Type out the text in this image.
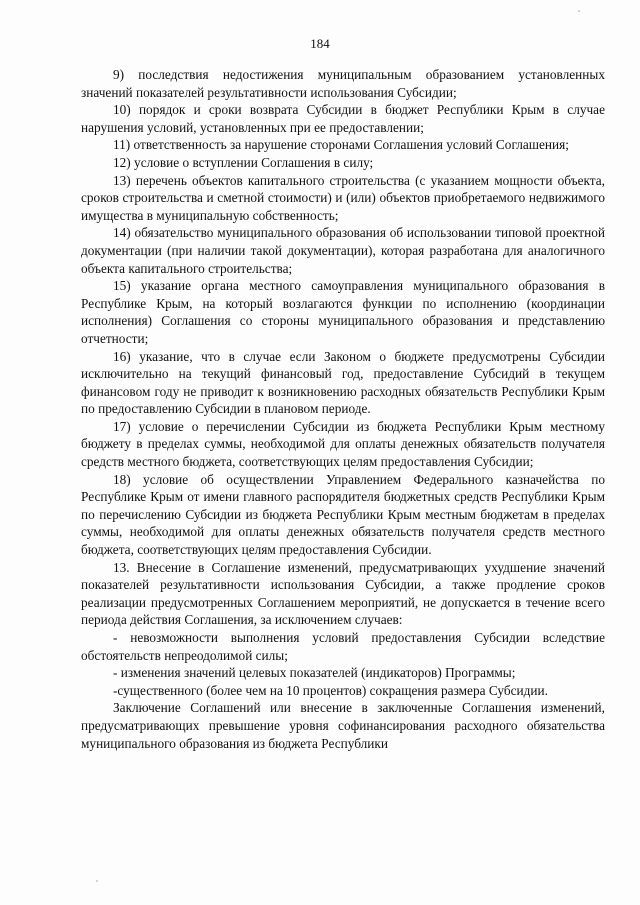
184

9) последствия недостижения муниципальным образованием установленных значений показателей результативности использования Субсидии;

10) порядок и сроки возврата Субсидии в бюджет Республики Крым в случае нарушения условий, установленных при ее предоставлении;

11) ответственность за нарушение сторонами Соглашения условий Соглашения;

12) условие о вступлении Соглашения в силу;

13) перечень объектов капитального строительства (с указанием мощности объекта, сроков строительства и сметной стоимости) и (или) объектов приобретаемого недвижимого имущества в муниципальную собственность;

14) обязательство муниципального образования об использовании типовой проектной документации (при наличии такой документации), которая разработана для аналогичного объекта капитального строительства;

15) указание органа местного самоуправления муниципального образования в Республике Крым, на который возлагаются функции по исполнению (координации исполнения) Соглашения со стороны муниципального образования и представлению отчетности;

16) указание, что в случае если Законом о бюджете предусмотрены Субсидии исключительно на текущий финансовый год, предоставление Субсидий в текущем финансовом году не приводит к возникновению расходных обязательств Республики Крым по предоставлению Субсидии в плановом периоде.

17) условие о перечислении Субсидии из бюджета Республики Крым местному бюджету в пределах суммы, необходимой для оплаты денежных обязательств получателя средств местного бюджета, соответствующих целям предоставления Субсидии;

18) условие об осуществлении Управлением Федерального казначейства по Республике Крым от имени главного распорядителя бюджетных средств Республики Крым по перечислению Субсидии из бюджета Республики Крым местным бюджетам в пределах суммы, необходимой для оплаты денежных обязательств получателя средств местного бюджета, соответствующих целям предоставления Субсидии.

13. Внесение в Соглашение изменений, предусматривающих ухудшение значений показателей результативности использования Субсидии, а также продление сроков реализации предусмотренных Соглашением мероприятий, не допускается в течение всего периода действия Соглашения, за исключением случаев:

- невозможности выполнения условий предоставления Субсидии вследствие обстоятельств непреодолимой силы;

- изменения значений целевых показателей (индикаторов) Программы;

-существенного (более чем на 10 процентов) сокращения размера Субсидии.

Заключение Соглашений или внесение в заключенные Соглашения изменений, предусматривающих превышение уровня софинансирования расходного обязательства муниципального образования из бюджета Республики
